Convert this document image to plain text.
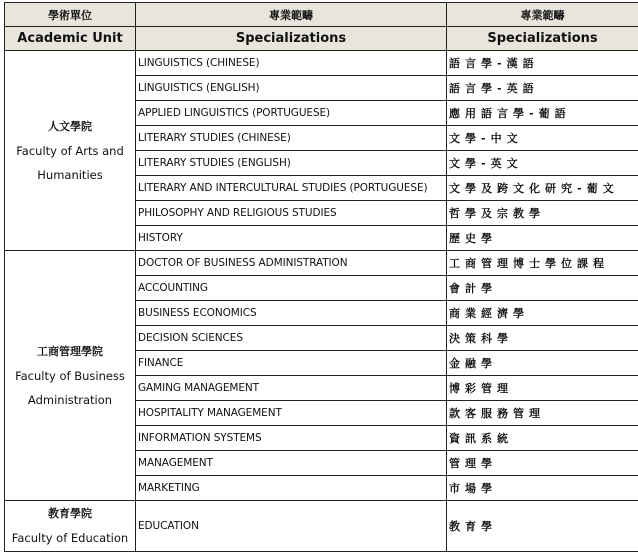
學術單位	專業範疇	專業範疇
Academic Unit	Specializations	Specializations

人文學院
Faculty of Arts and Humanities	LINGUISTICS (CHINESE)	語言學-漢語
	LINGUISTICS (ENGLISH)	語言學-英語
	APPLIED LINGUISTICS (PORTUGUESE)	應用語言學-葡語
	LITERARY STUDIES (CHINESE)	文學-中文
	LITERARY STUDIES (ENGLISH)	文學-英文
	LITERARY AND INTERCULTURAL STUDIES (PORTUGUESE)	文學及跨文化研究-葡文
	PHILOSOPHY AND RELIGIOUS STUDIES	哲學及宗教學
	HISTORY	歷史學

工商管理學院
Faculty of Business Administration	DOCTOR OF BUSINESS ADMINISTRATION	工商管理博士學位課程
	ACCOUNTING	會計學
	BUSINESS ECONOMICS	商業經濟學
	DECISION SCIENCES	決策科學
	FINANCE	金融學
	GAMING MANAGEMENT	博彩管理
	HOSPITALITY MANAGEMENT	款客服務管理
	INFORMATION SYSTEMS	資訊系統
	MANAGEMENT	管理學
	MARKETING	市場學

教育學院
Faculty of Education	EDUCATION	教育學
